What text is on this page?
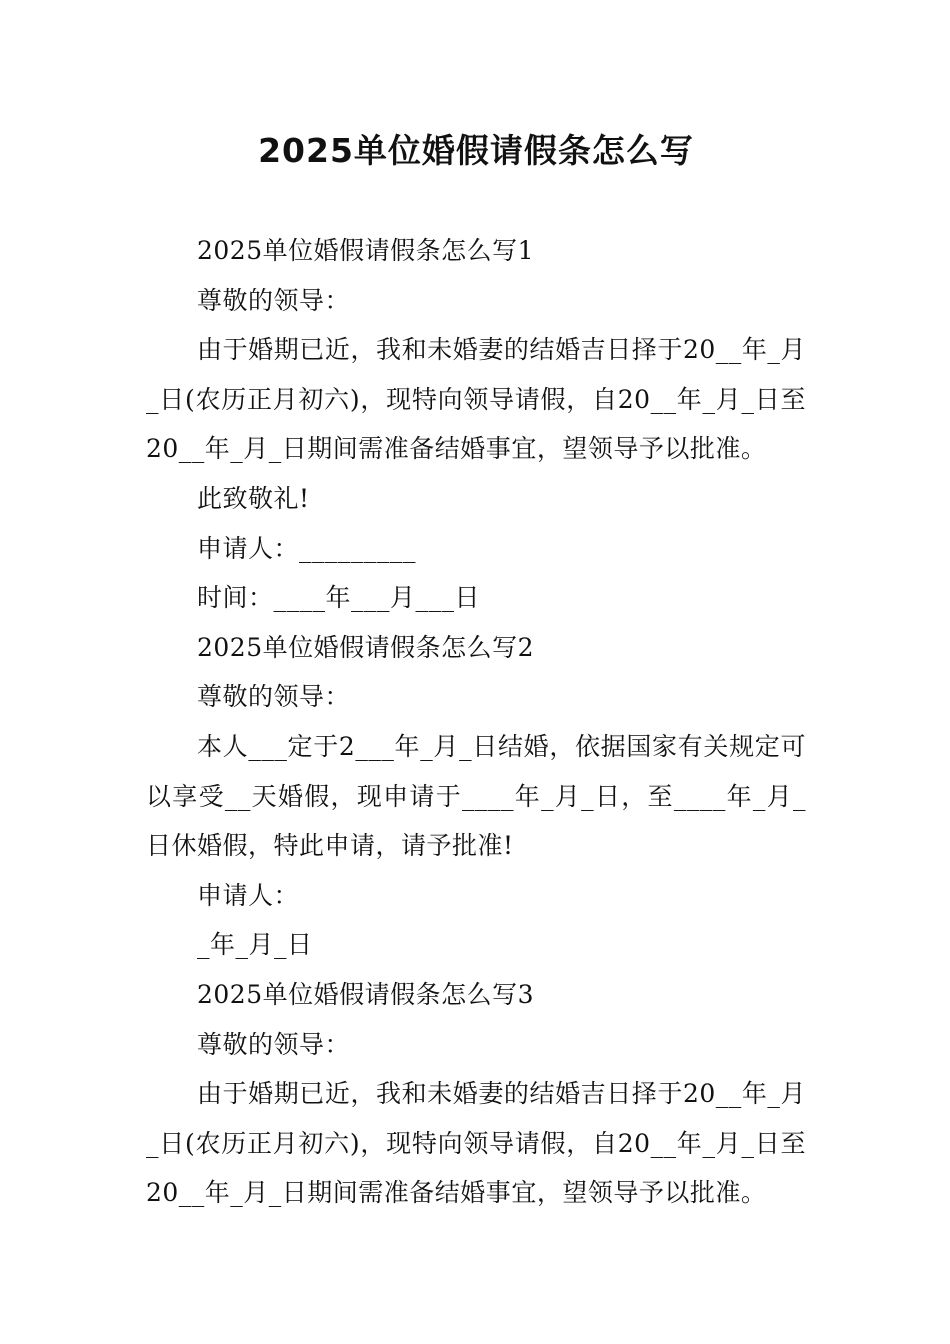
2025单位婚假请假条怎么写

2025单位婚假请假条怎么写1

尊敬的领导：

由于婚期已近，我和未婚妻的结婚吉日择于20__年_月_日(农历正月初六)，现特向领导请假，自20__年_月_日至20__年_月_日期间需准备结婚事宜，望领导予以批准。

此致敬礼!

申请人：_________

时间：____年___月___日

2025单位婚假请假条怎么写2

尊敬的领导：

本人___定于2___年_月_日结婚，依据国家有关规定可以享受__天婚假，现申请于____年_月_日，至____年_月_日休婚假，特此申请，请予批准!

申请人：

_年_月_日

2025单位婚假请假条怎么写3

尊敬的领导：

由于婚期已近，我和未婚妻的结婚吉日择于20__年_月_日(农历正月初六)，现特向领导请假，自20__年_月_日至20__年_月_日期间需准备结婚事宜，望领导予以批准。
